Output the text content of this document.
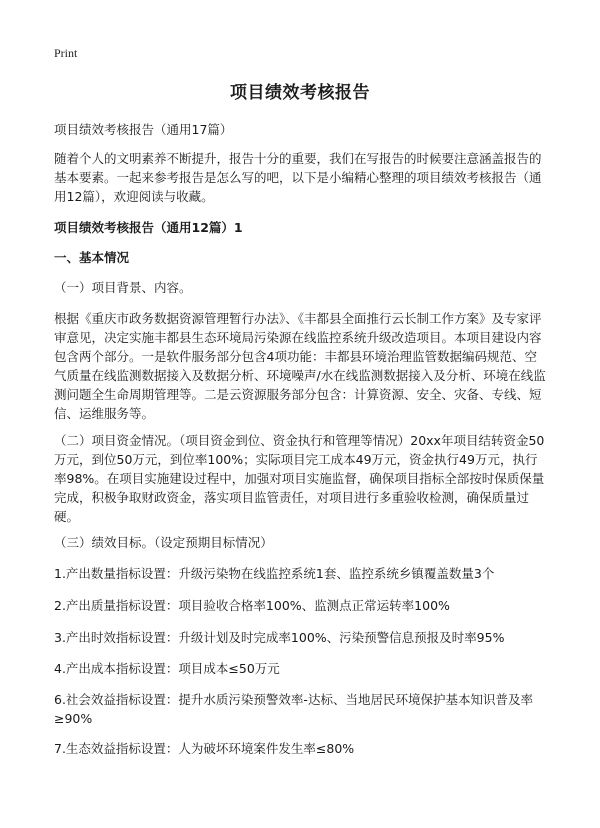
Print
项目绩效考核报告
项目绩效考核报告（通用17篇）
随着个人的文明素养不断提升，报告十分的重要，我们在写报告的时候要注意涵盖报告的基本要素。一起来参考报告是怎么写的吧，以下是小编精心整理的项目绩效考核报告（通用12篇），欢迎阅读与收藏。
项目绩效考核报告（通用12篇）1
一、基本情况
（一）项目背景、内容。
根据《重庆市政务数据资源管理暂行办法》、《丰都县全面推行云长制工作方案》及专家评审意见，决定实施丰都县生态环境局污染源在线监控系统升级改造项目。本项目建设内容包含两个部分。一是软件服务部分包含4项功能：丰都县环境治理监管数据编码规范、空气质量在线监测数据接入及数据分析、环境噪声/水在线监测数据接入及分析、环境在线监测问题全生命周期管理等。二是云资源服务部分包含：计算资源、安全、灾备、专线、短信、运维服务等。
（二）项目资金情况。（项目资金到位、资金执行和管理等情况）20xx年项目结转资金50万元，到位50万元，到位率100%；实际项目完工成本49万元，资金执行49万元，执行率98%。在项目实施建设过程中，加强对项目实施监督，确保项目指标全部按时保质保量完成，积极争取财政资金，落实项目监管责任，对项目进行多重验收检测，确保质量过硬。
（三）绩效目标。（设定预期目标情况）
1.产出数量指标设置：升级污染物在线监控系统1套、监控系统乡镇覆盖数量3个
2.产出质量指标设置：项目验收合格率100%、监测点正常运转率100%
3.产出时效指标设置：升级计划及时完成率100%、污染预警信息预报及时率95%
4.产出成本指标设置：项目成本≤50万元
6.社会效益指标设置：提升水质污染预警效率-达标、当地居民环境保护基本知识普及率≥90%
7.生态效益指标设置：人为破坏环境案件发生率≤80%
